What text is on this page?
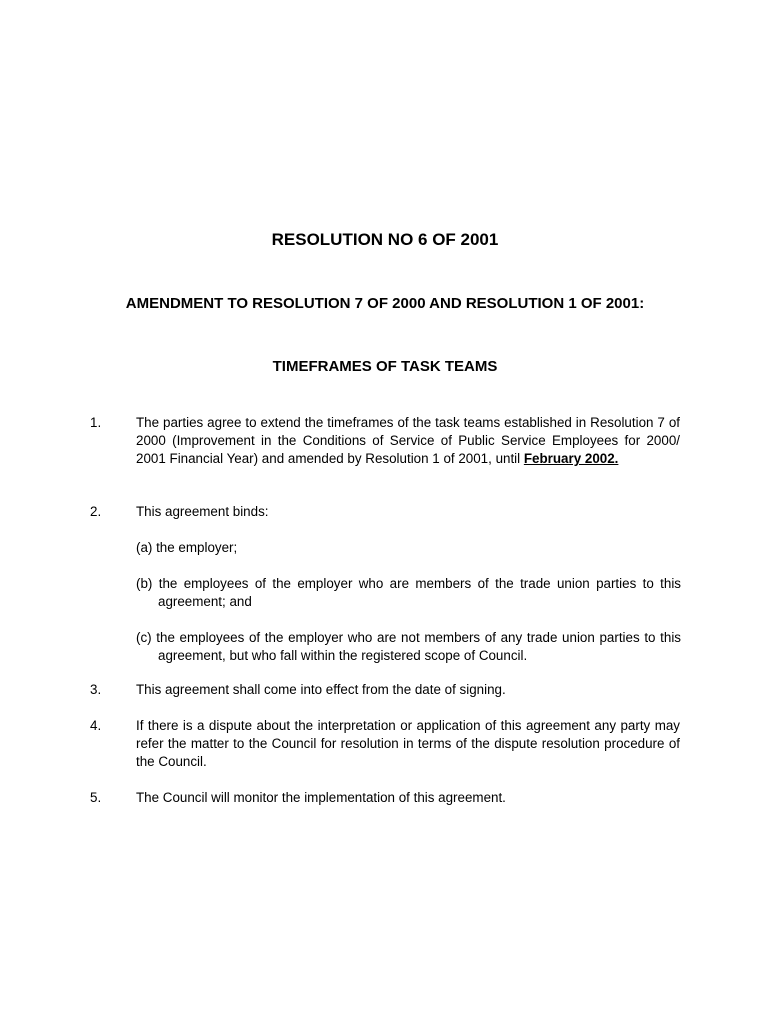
RESOLUTION NO 6 OF 2001
AMENDMENT TO RESOLUTION 7 OF 2000 AND RESOLUTION 1 OF 2001:
TIMEFRAMES OF TASK TEAMS
1.	The parties agree to extend the timeframes of the task teams established in Resolution 7 of 2000 (Improvement in the Conditions of Service of Public Service Employees for 2000/ 2001 Financial Year) and amended by Resolution 1 of 2001, until February 2002.
2.	This agreement binds:
(a) the employer;
(b) the employees of the employer who are members of the trade union parties to this agreement; and
(c) the employees of the employer who are not members of any trade union parties to this agreement, but who fall within the registered scope of Council.
3.	This agreement shall come into effect from the date of signing.
4.	If there is a dispute about the interpretation or application of this agreement any party may refer the matter to the Council for resolution in terms of the dispute resolution procedure of the Council.
5.	The Council will monitor the implementation of this agreement.
